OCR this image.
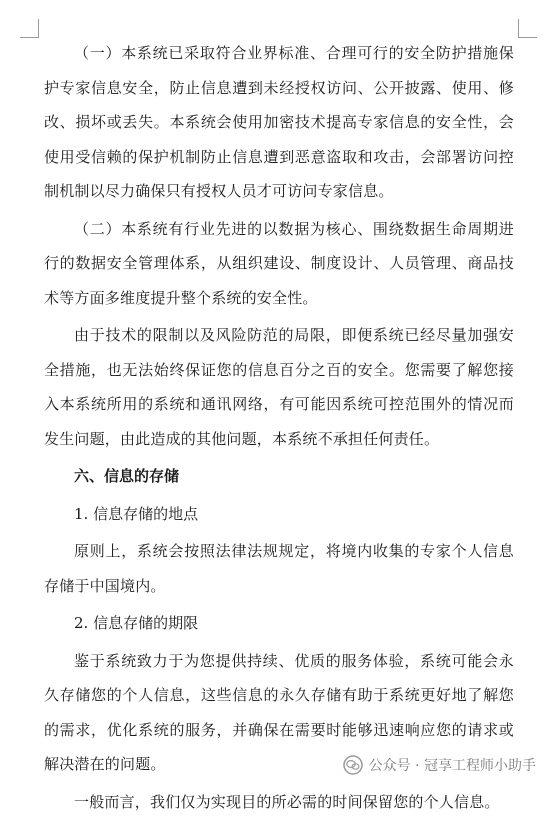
（一）本系统已采取符合业界标准、合理可行的安全防护措施保护专家信息安全，防止信息遭到未经授权访问、公开披露、使用、修改、损坏或丢失。本系统会使用加密技术提高专家信息的安全性，会使用受信赖的保护机制防止信息遭到恶意盗取和攻击，会部署访问控制机制以尽力确保只有授权人员才可访问专家信息。

（二）本系统有行业先进的以数据为核心、围绕数据生命周期进行的数据安全管理体系，从组织建设、制度设计、人员管理、商品技术等方面多维度提升整个系统的安全性。

由于技术的限制以及风险防范的局限，即便系统已经尽量加强安全措施，也无法始终保证您的信息百分之百的安全。您需要了解您接入本系统所用的系统和通讯网络，有可能因系统可控范围外的情况而发生问题，由此造成的其他问题，本系统不承担任何责任。

六、信息的存储

1. 信息存储的地点

原则上，系统会按照法律法规规定，将境内收集的专家个人信息存储于中国境内。

2. 信息存储的期限

鉴于系统致力于为您提供持续、优质的服务体验，系统可能会永久存储您的个人信息，这些信息的永久存储有助于系统更好地了解您的需求，优化系统的服务，并确保在需要时能够迅速响应您的请求或解决潜在的问题。

一般而言，我们仅为实现目的所必需的时间保留您的个人信息。

公众号 · 冠享工程师小助手
